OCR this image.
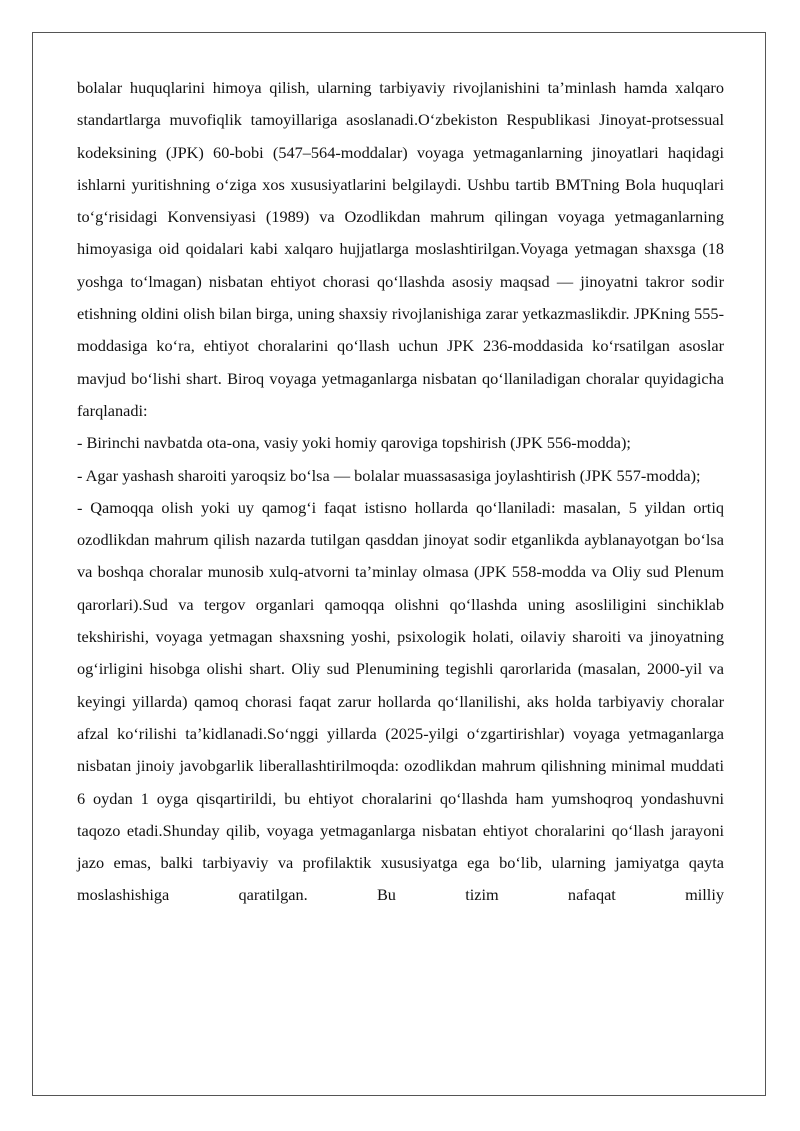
bolalar huquqlarini himoya qilish, ularning tarbiyaviy rivojlanishini ta’minlash hamda xalqaro standartlarga muvofiqlik tamoyillariga asoslanadi.O‘zbekiston Respublikasi Jinoyat-protsessual kodeksining (JPK) 60-bobi (547–564-moddalar) voyaga yetmaganlarning jinoyatlari haqidagi ishlarni yuritishning o‘ziga xos xususiyatlarini belgilaydi. Ushbu tartib BMTning Bola huquqlari to‘g‘risidagi Konvensiyasi (1989) va Ozodlikdan mahrum qilingan voyaga yetmaganlarning himoyasiga oid qoidalari kabi xalqaro hujjatlarga moslashtirilgan.Voyaga yetmagan shaxsga (18 yoshga to‘lmagan) nisbatan ehtiyot chorasi qo‘llashda asosiy maqsad — jinoyatni takror sodir etishning oldini olish bilan birga, uning shaxsiy rivojlanishiga zarar yetkazmaslikdir. JPKning 555-moddasiga ko‘ra, ehtiyot choralarini qo‘llash uchun JPK 236-moddasida ko‘rsatilgan asoslar mavjud bo‘lishi shart. Biroq voyaga yetmaganlarga nisbatan qo‘llaniladigan choralar quyidagicha farqlanadi:

- Birinchi navbatda ota-ona, vasiy yoki homiy qaroviga topshirish (JPK 556-modda);

- Agar yashash sharoiti yaroqsiz bo‘lsa — bolalar muassasasiga joylashtirish (JPK 557-modda);

- Qamoqqa olish yoki uy qamog‘i faqat istisno hollarda qo‘llaniladi: masalan, 5 yildan ortiq ozodlikdan mahrum qilish nazarda tutilgan qasddan jinoyat sodir etganlikda ayblanayotgan bo‘lsa va boshqa choralar munosib xulq-atvorni ta’minlay olmasa (JPK 558-modda va Oliy sud Plenum qarorlari).Sud va tergov organlari qamoqqa olishni qo‘llashda uning asosliligini sinchiklab tekshirishi, voyaga yetmagan shaxsning yoshi, psixologik holati, oilaviy sharoiti va jinoyatning og‘irligini hisobga olishi shart. Oliy sud Plenumining tegishli qarorlarida (masalan, 2000-yil va keyingi yillarda) qamoq chorasi faqat zarur hollarda qo‘llanilishi, aks holda tarbiyaviy choralar afzal ko‘rilishi ta’kidlanadi.So‘nggi yillarda (2025-yilgi o‘zgartirishlar) voyaga yetmaganlarga nisbatan jinoiy javobgarlik liberallashtirilmoqda: ozodlikdan mahrum qilishning minimal muddati 6 oydan 1 oyga qisqartirildi, bu ehtiyot choralarini qo‘llashda ham yumshoqroq yondashuvni taqozo etadi.Shunday qilib, voyaga yetmaganlarga nisbatan ehtiyot choralarini qo‘llash jarayoni jazo emas, balki tarbiyaviy va profilaktik xususiyatga ega bo‘lib, ularning jamiyatga qayta moslashishiga qaratilgan. Bu tizim nafaqat milliy
